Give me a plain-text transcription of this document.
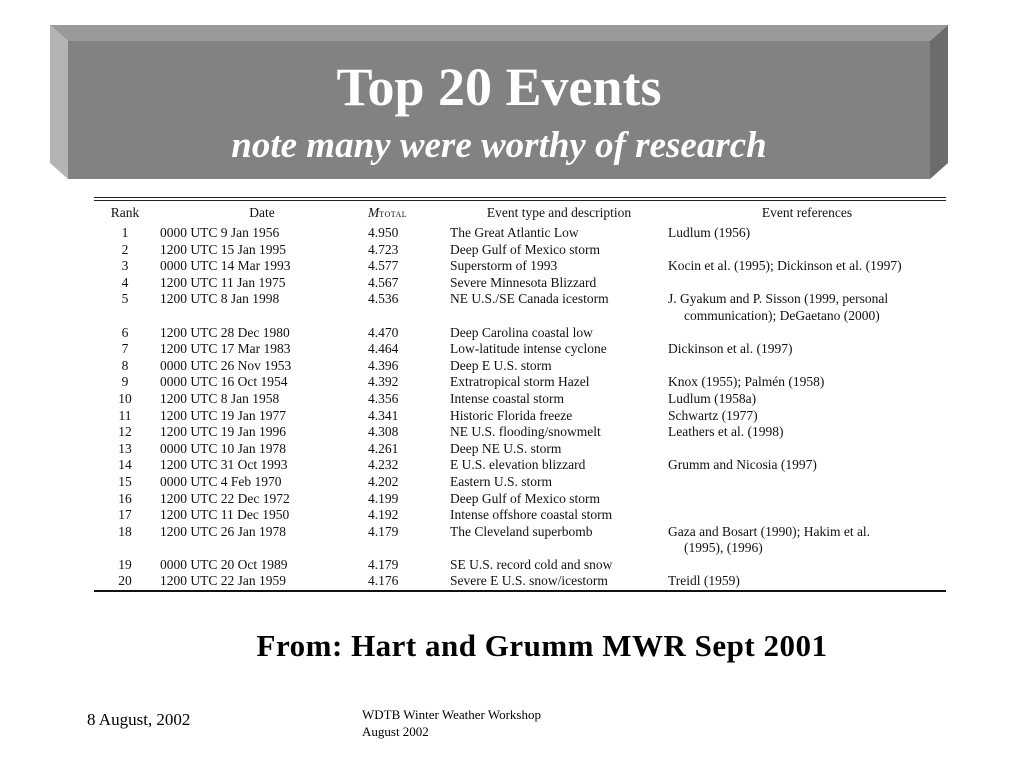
Top 20 Events
note many were worthy of research
Rank	Date	MTOTAL	Event type and description	Event references
1	0000 UTC 9 Jan 1956	4.950	The Great Atlantic Low	Ludlum (1956)
2	1200 UTC 15 Jan 1995	4.723	Deep Gulf of Mexico storm	
3	0000 UTC 14 Mar 1993	4.577	Superstorm of 1993	Kocin et al. (1995); Dickinson et al. (1997)
4	1200 UTC 11 Jan 1975	4.567	Severe Minnesota Blizzard	
5	1200 UTC 8 Jan 1998	4.536	NE U.S./SE Canada icestorm	J. Gyakum and P. Sisson (1999, personal
				communication); DeGaetano (2000)
6	1200 UTC 28 Dec 1980	4.470	Deep Carolina coastal low	
7	1200 UTC 17 Mar 1983	4.464	Low-latitude intense cyclone	Dickinson et al. (1997)
8	0000 UTC 26 Nov 1953	4.396	Deep E U.S. storm	
9	0000 UTC 16 Oct 1954	4.392	Extratropical storm Hazel	Knox (1955); Palmén (1958)
10	1200 UTC 8 Jan 1958	4.356	Intense coastal storm	Ludlum (1958a)
11	1200 UTC 19 Jan 1977	4.341	Historic Florida freeze	Schwartz (1977)
12	1200 UTC 19 Jan 1996	4.308	NE U.S. flooding/snowmelt	Leathers et al. (1998)
13	0000 UTC 10 Jan 1978	4.261	Deep NE U.S. storm	
14	1200 UTC 31 Oct 1993	4.232	E U.S. elevation blizzard	Grumm and Nicosia (1997)
15	0000 UTC 4 Feb 1970	4.202	Eastern U.S. storm	
16	1200 UTC 22 Dec 1972	4.199	Deep Gulf of Mexico storm	
17	1200 UTC 11 Dec 1950	4.192	Intense offshore coastal storm	
18	1200 UTC 26 Jan 1978	4.179	The Cleveland superbomb	Gaza and Bosart (1990); Hakim et al.
				(1995), (1996)
19	0000 UTC 20 Oct 1989	4.179	SE U.S. record cold and snow	
20	1200 UTC 22 Jan 1959	4.176	Severe E U.S. snow/icestorm	Treidl (1959)
From: Hart and Grumm MWR Sept 2001
8 August, 2002	WDTB Winter Weather Workshop
August 2002
